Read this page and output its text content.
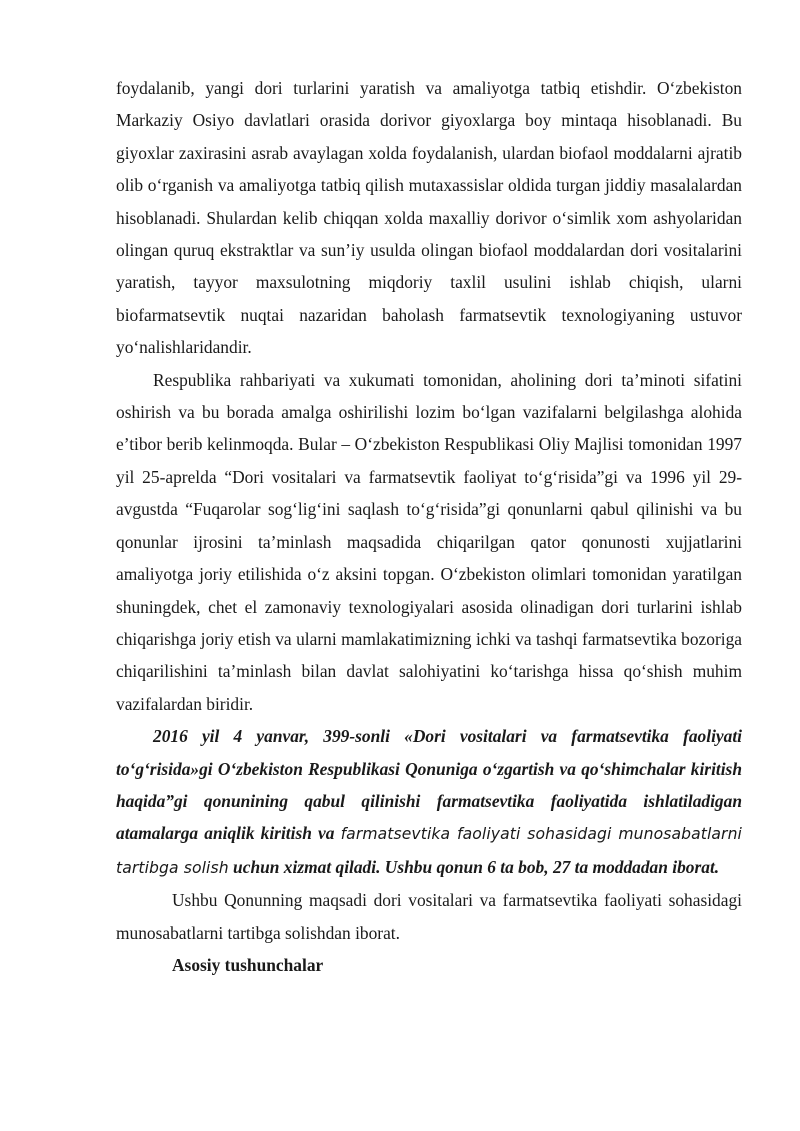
foydalanib, yangi dori turlarini yaratish va amaliyotga tatbiq etishdir. O‘zbekiston Markaziy Osiyo davlatlari orasida dorivor giyoxlarga boy mintaqa hisoblanadi. Bu giyoxlar zaxirasini asrab avaylagan xolda foydalanish, ulardan biofaol moddalarni ajratib olib o‘rganish va amaliyotga tatbiq qilish mutaxassislar oldida turgan jiddiy masalalardan hisoblanadi. Shulardan kelib chiqqan xolda maxalliy dorivor o‘simlik xom ashyolaridan olingan quruq ekstraktlar va sun’iy usulda olingan biofaol moddalardan dori vositalarini yaratish, tayyor maxsulotning miqdoriy taxlil usulini ishlab chiqish, ularni biofarmatsevtik nuqtai nazaridan baholash farmatsevtik texnologiyaning ustuvor yo‘nalishlaridandir.

Respublika rahbariyati va xukumati tomonidan, aholining dori ta’minoti sifatini oshirish va bu borada amalga oshirilishi lozim bo‘lgan vazifalarni belgilashga alohida e’tibor berib kelinmoqda. Bular – O‘zbekiston Respublikasi Oliy Majlisi tomonidan 1997 yil 25-aprelda “Dori vositalari va farmatsevtik faoliyat to‘g‘risida”gi va 1996 yil 29-avgustda “Fuqarolar sog‘lig‘ini saqlash to‘g‘risida”gi qonunlarni qabul qilinishi va bu qonunlar ijrosini ta’minlash maqsadida chiqarilgan qator qonunosti xujjatlarini amaliyotga joriy etilishida o‘z aksini topgan. O‘zbekiston olimlari tomonidan yaratilgan shuningdek, chet el zamonaviy texnologiyalari asosida olinadigan dori turlarini ishlab chiqarishga joriy etish va ularni mamlakatimizning ichki va tashqi farmatsevtika bozoriga chiqarilishini ta’minlash bilan davlat salohiyatini ko‘tarishga hissa qo‘shish muhim vazifalardan biridir.

2016 yil 4 yanvar, 399-sonli «Dori vositalari va farmatsevtika faoliyati to‘g‘risida»gi O‘zbekiston Respublikasi Qonuniga o‘zgartish va qo‘shimchalar kiritish haqida”gi qonunining qabul qilinishi farmatsevtika faoliyatida ishlatiladigan atamalarga aniqlik kiritish va farmatsevtika faoliyati sohasidagi munosabatlarni tartibga solish uchun xizmat qiladi. Ushbu qonun 6 ta bob, 27 ta moddadan iborat.

Ushbu Qonunning maqsadi dori vositalari va farmatsevtika faoliyati sohasidagi munosabatlarni tartibga solishdan iborat.

Asosiy tushunchalar
